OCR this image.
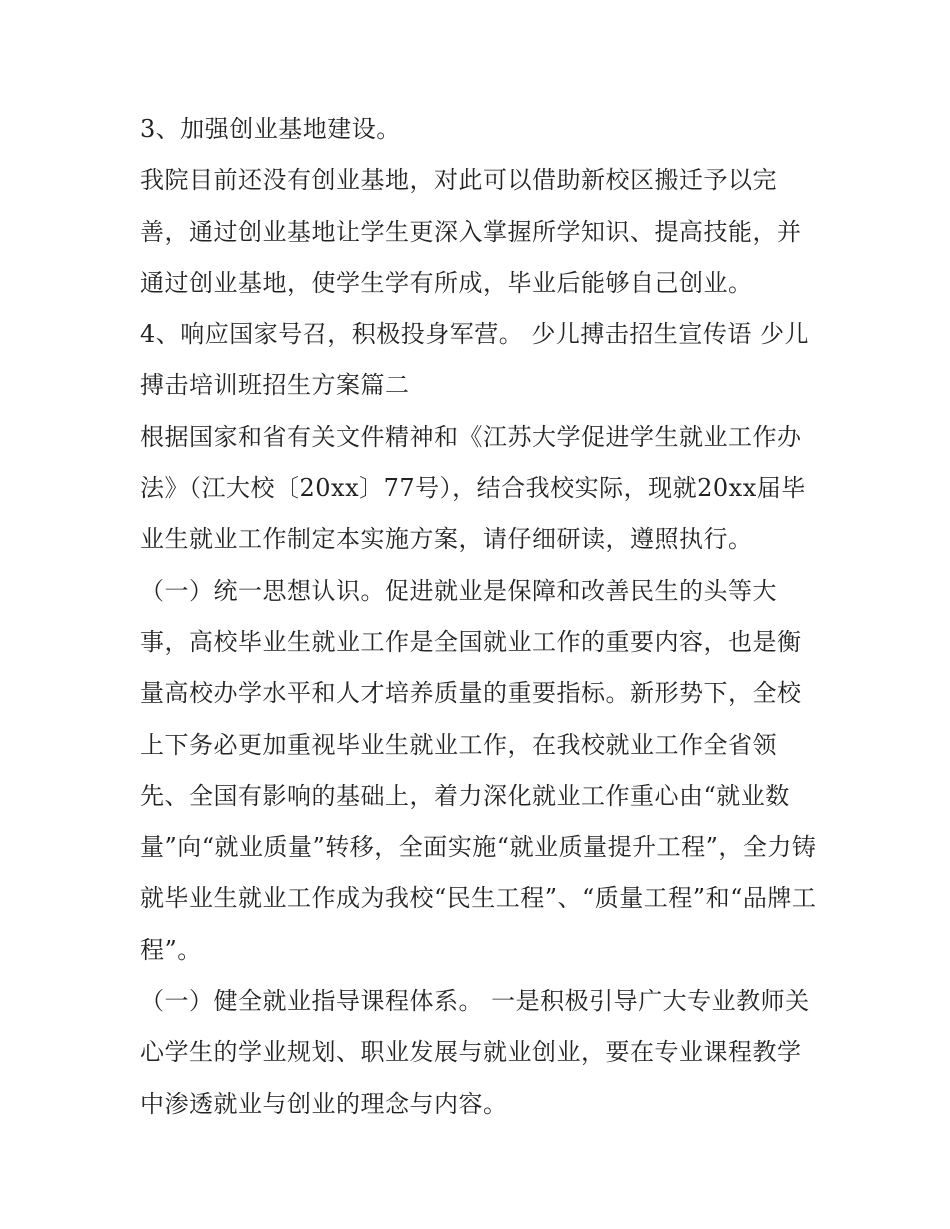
3、加强创业基地建设。

我院目前还没有创业基地，对此可以借助新校区搬迁予以完善，通过创业基地让学生更深入掌握所学知识、提高技能，并通过创业基地，使学生学有所成，毕业后能够自己创业。

4、响应国家号召，积极投身军营。 少儿搏击招生宣传语 少儿搏击培训班招生方案篇二

根据国家和省有关文件精神和《江苏大学促进学生就业工作办法》（江大校〔20xx〕77号），结合我校实际，现就20xx届毕业生就业工作制定本实施方案，请仔细研读，遵照执行。

（一）统一思想认识。促进就业是保障和改善民生的头等大事，高校毕业生就业工作是全国就业工作的重要内容，也是衡量高校办学水平和人才培养质量的重要指标。新形势下，全校上下务必更加重视毕业生就业工作，在我校就业工作全省领先、全国有影响的基础上，着力深化就业工作重心由“就业数量”向“就业质量”转移，全面实施“就业质量提升工程”，全力铸就毕业生就业工作成为我校“民生工程”、“质量工程”和“品牌工程”。

（一）健全就业指导课程体系。 一是积极引导广大专业教师关心学生的学业规划、职业发展与就业创业，要在专业课程教学中渗透就业与创业的理念与内容。
